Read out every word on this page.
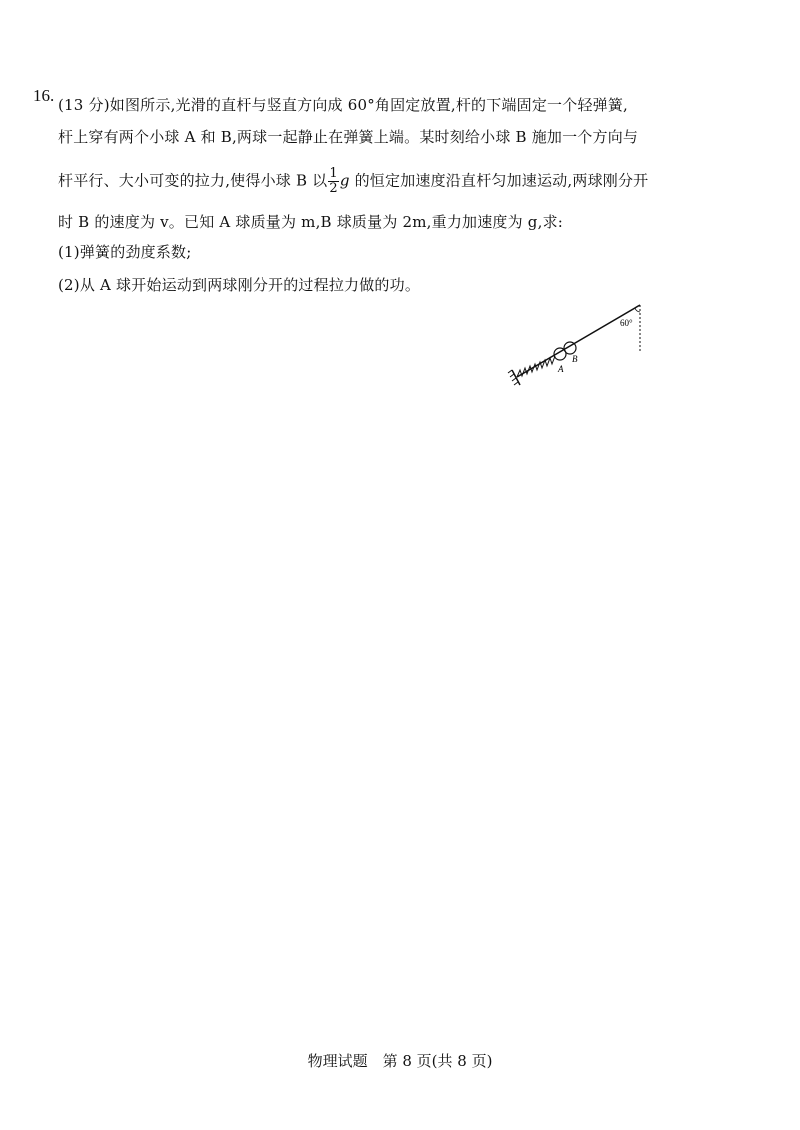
16. (13 分)如图所示,光滑的直杆与竖直方向成 60°角固定放置,杆的下端固定一个轻弹簧,
杆上穿有两个小球 A 和 B,两球一起静止在弹簧上端。某时刻给小球 B 施加一个方向与
杆平行、大小可变的拉力,使得小球 B 以 $\frac{1}{2}$ g 的恒定加速度沿直杆匀加速运动,两球刚分开
时 B 的速度为 v。已知 A 球质量为 m,B 球质量为 2m,重力加速度为 g,求:
(1)弹簧的劲度系数;
(2)从 A 球开始运动到两球刚分开的过程拉力做的功。
A
B
60°
物理试题　第 8 页(共 8 页)
